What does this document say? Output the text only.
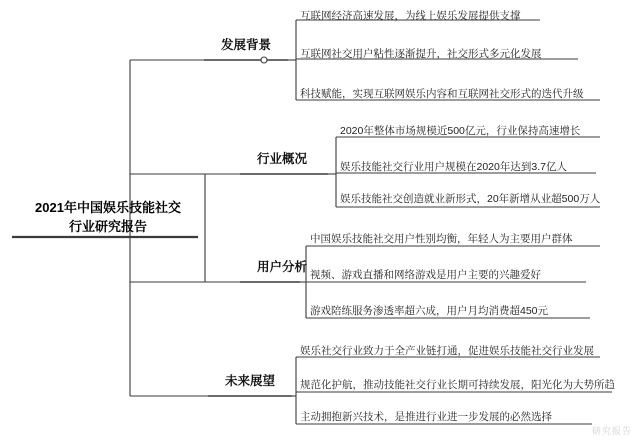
2021年中国娱乐技能社交
行业研究报告
发展背景
行业概况
用户分析
未来展望
互联网经济高速发展，为线上娱乐发展提供支撑
互联网社交用户粘性逐渐提升，社交形式多元化发展
科技赋能，实现互联网娱乐内容和互联网社交形式的迭代升级
2020年整体市场规模近500亿元，行业保持高速增长
娱乐技能社交行业用户规模在2020年达到3.7亿人
娱乐技能社交创造就业新形式，20年新增从业超500万人
中国娱乐技能社交用户性别均衡，年轻人为主要用户群体
视频、游戏直播和网络游戏是用户主要的兴趣爱好
游戏陪练服务渗透率超六成，用户月均消费超450元
娱乐社交行业致力于全产业链打通，促进娱乐技能社交行业发展
规范化护航，推动技能社交行业长期可持续发展，阳光化为大势所趋
主动拥抱新兴技术，是推进行业进一步发展的必然选择
研究报告
